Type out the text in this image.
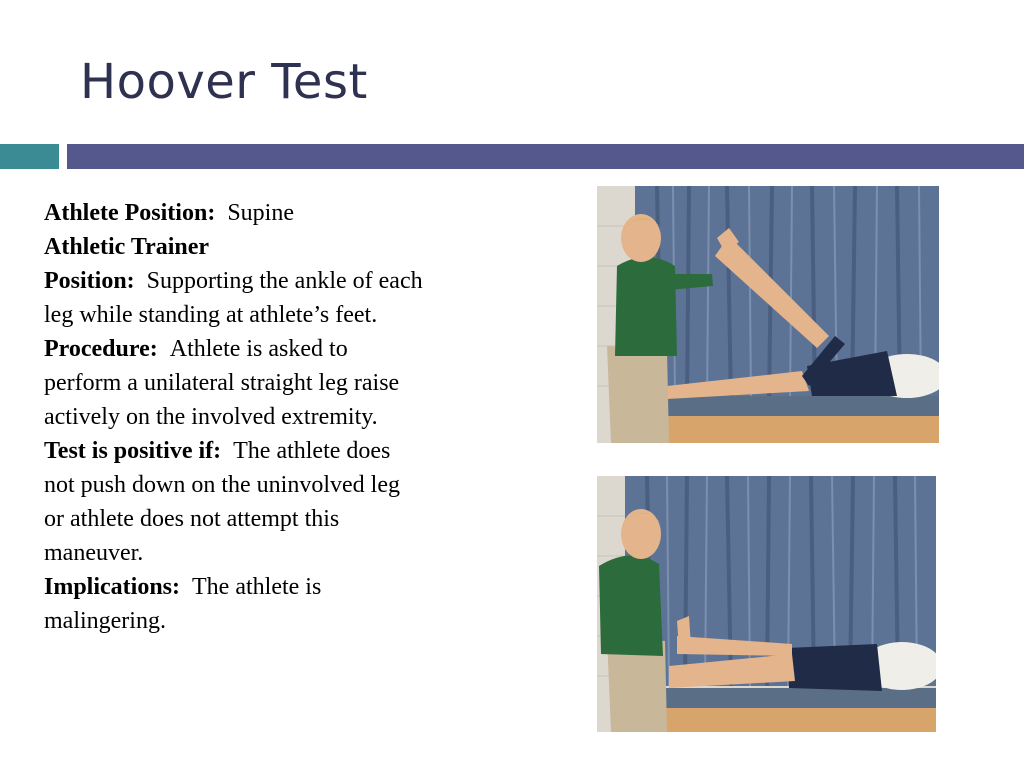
Hoover Test

Athlete Position: Supine

Athletic Trainer

Position: Supporting the ankle of each leg while standing at athlete’s feet.

Procedure: Athlete is asked to perform a unilateral straight leg raise actively on the involved extremity.

Test is positive if: The athlete does not push down on the uninvolved leg or athlete does not attempt this maneuver.

Implications: The athlete is malingering.
